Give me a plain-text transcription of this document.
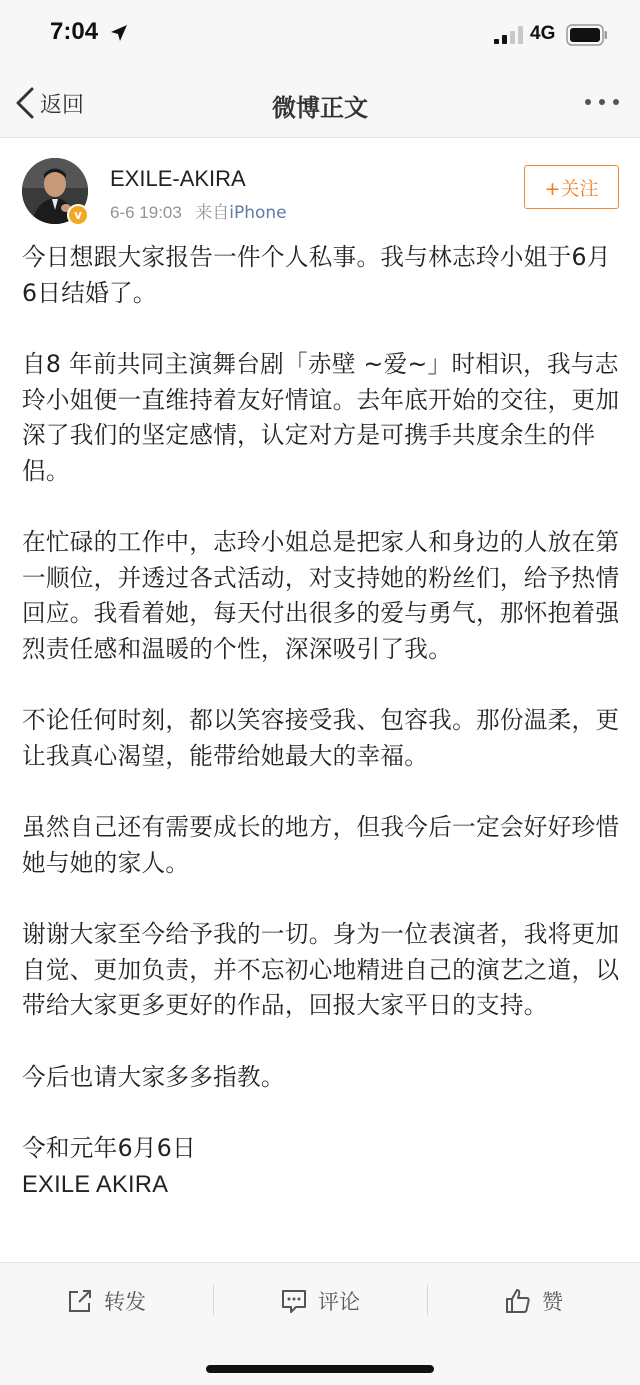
7:04	4G
返回	微博正文
v
EXILE-AKIRA
6-6 19:03 来自iPhone
+关注

今日想跟大家报告一件个人私事。我与林志玲小姐于6月6日结婚了。

自8 年前共同主演舞台剧「赤壁 ~爱~」时相识，我与志玲小姐便一直维持着友好情谊。去年底开始的交往，更加深了我们的坚定感情，认定对方是可携手共度余生的伴侣。

在忙碌的工作中，志玲小姐总是把家人和身边的人放在第一顺位，并透过各式活动，对支持她的粉丝们，给予热情回应。我看着她，每天付出很多的爱与勇气，那怀抱着强烈责任感和温暖的个性，深深吸引了我。

不论任何时刻，都以笑容接受我、包容我。那份温柔，更让我真心渴望，能带给她最大的幸福。

虽然自己还有需要成长的地方，但我今后一定会好好珍惜她与她的家人。

谢谢大家至今给予我的一切。身为一位表演者，我将更加自觉、更加负责，并不忘初心地精进自己的演艺之道，以带给大家更多更好的作品，回报大家平日的支持。

今后也请大家多多指教。

令和元年6月6日
EXILE AKIRA

转发	评论	赞
